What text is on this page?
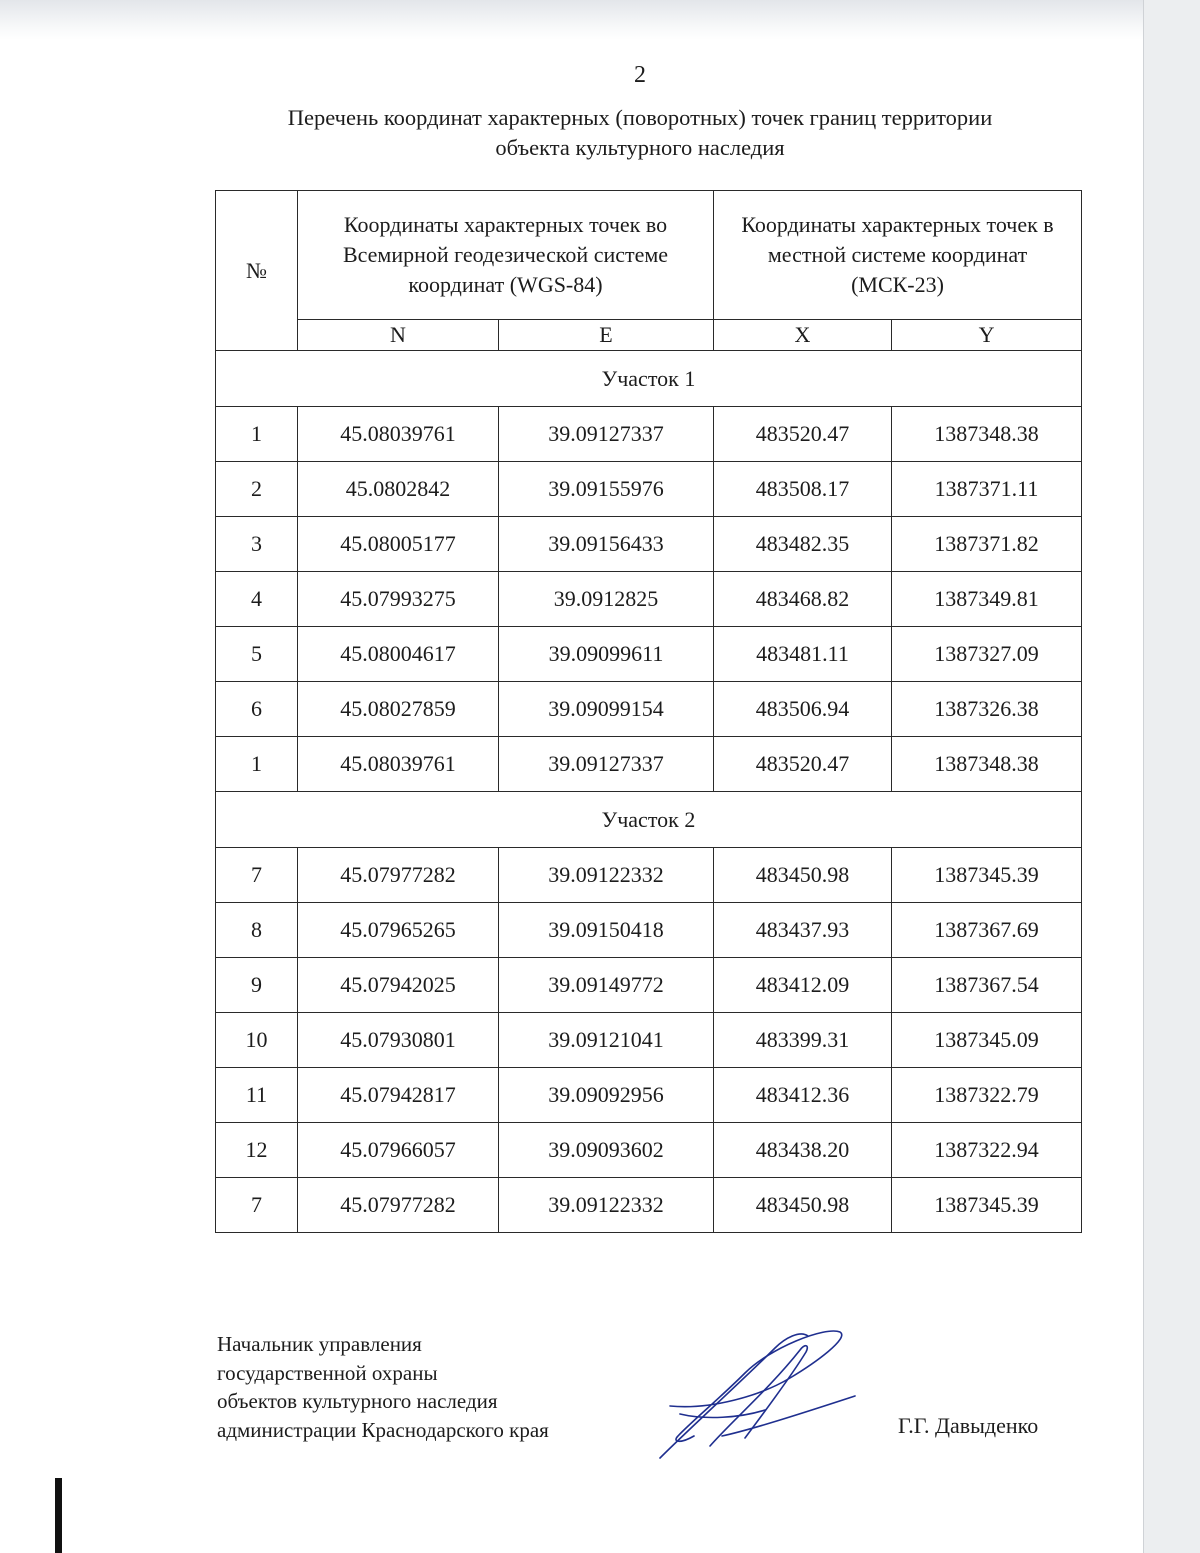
2
Перечень координат характерных (поворотных) точек границ территории
объекта культурного наследия
№	Координаты характерных точек во Всемирной геодезической системе координат (WGS-84)		Координаты характерных точек в местной системе координат (МСК-23)	
	N	E	X	Y
Участок 1				
1	45.08039761	39.09127337	483520.47	1387348.38
2	45.0802842	39.09155976	483508.17	1387371.11
3	45.08005177	39.09156433	483482.35	1387371.82
4	45.07993275	39.0912825	483468.82	1387349.81
5	45.08004617	39.09099611	483481.11	1387327.09
6	45.08027859	39.09099154	483506.94	1387326.38
1	45.08039761	39.09127337	483520.47	1387348.38
Участок 2				
7	45.07977282	39.09122332	483450.98	1387345.39
8	45.07965265	39.09150418	483437.93	1387367.69
9	45.07942025	39.09149772	483412.09	1387367.54
10	45.07930801	39.09121041	483399.31	1387345.09
11	45.07942817	39.09092956	483412.36	1387322.79
12	45.07966057	39.09093602	483438.20	1387322.94
7	45.07977282	39.09122332	483450.98	1387345.39
Начальник управления
государственной охраны
объектов культурного наследия
администрации Краснодарского края	Г.Г. Давыденко
